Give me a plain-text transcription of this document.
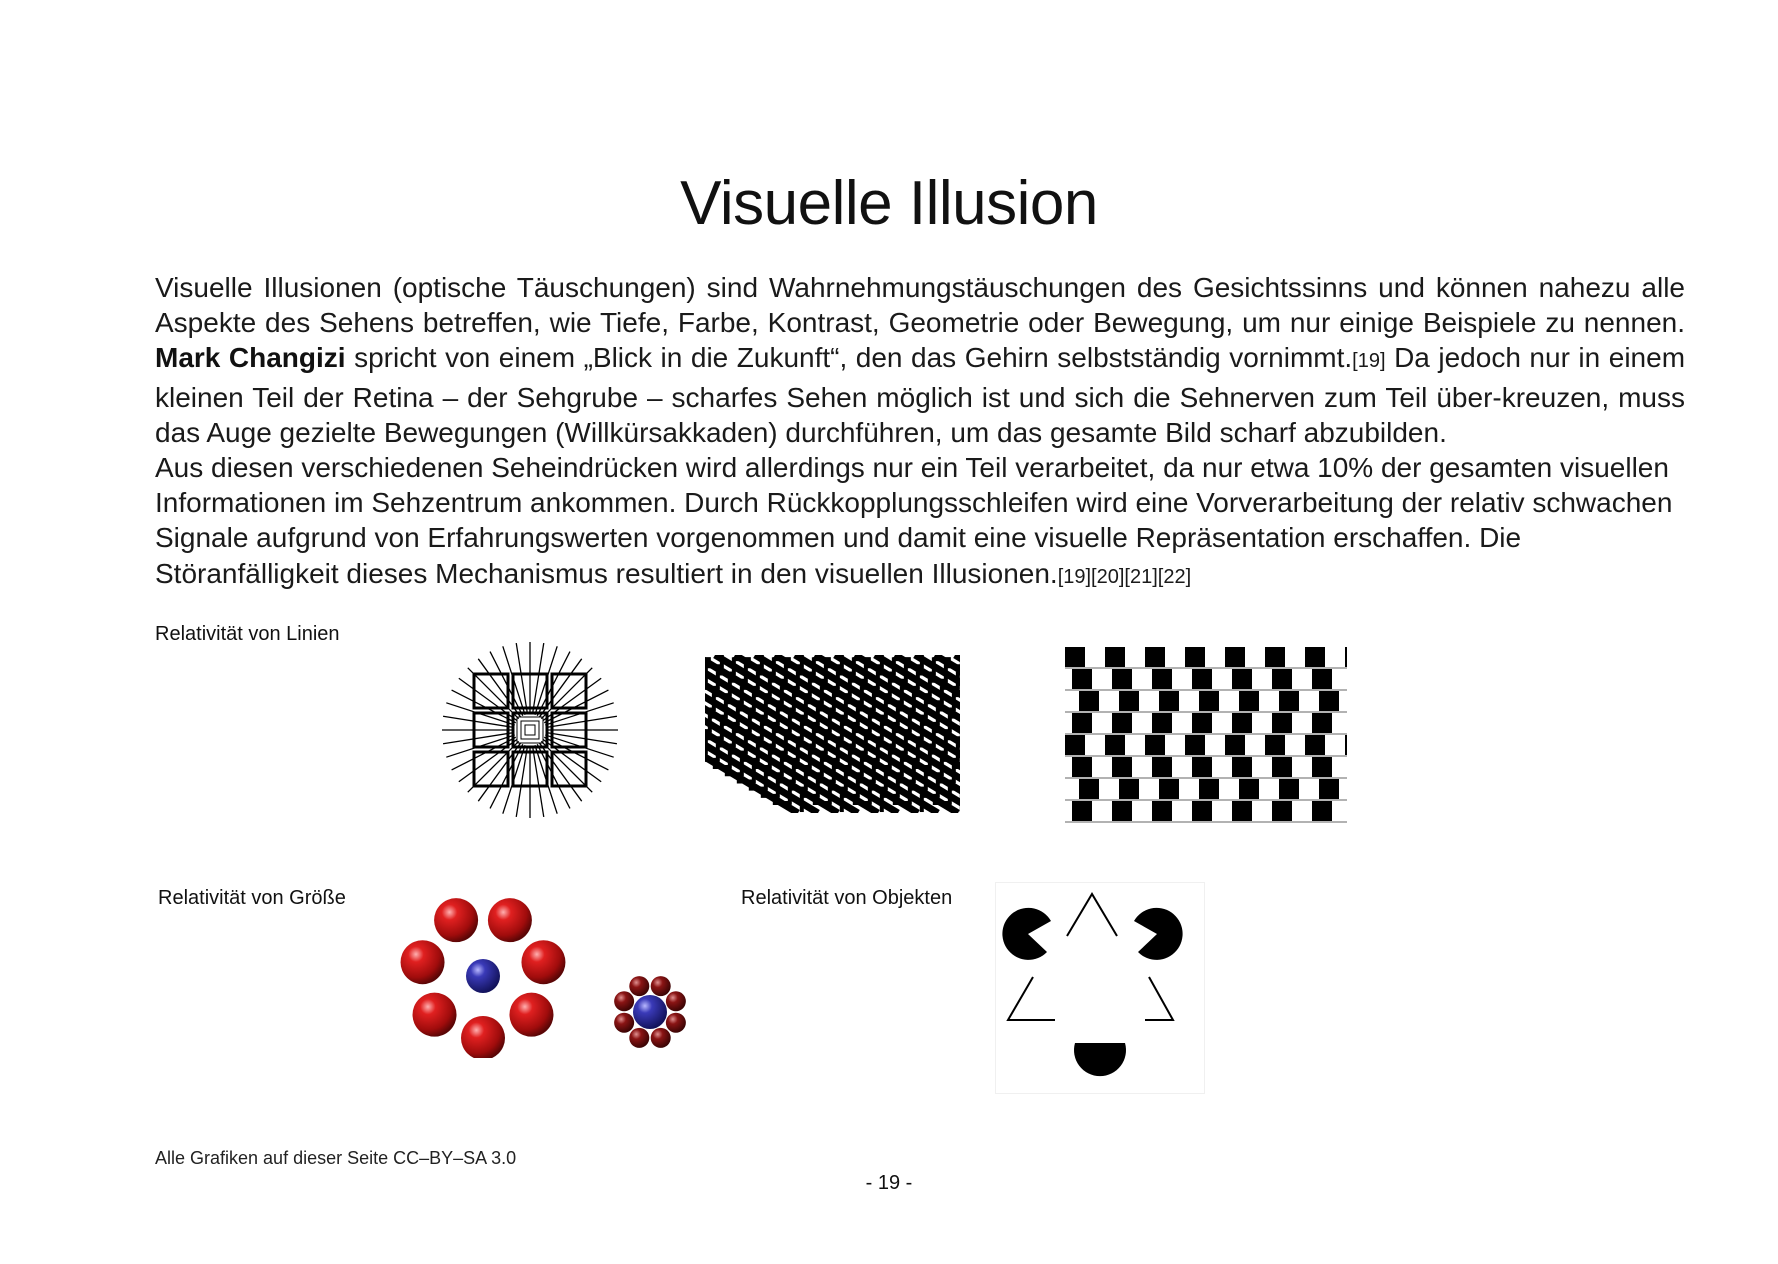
Visuelle Illusion

Visuelle Illusionen (optische Täuschungen) sind Wahrnehmungstäuschungen des Gesichtssinns und können nahezu alle Aspekte des Sehens betreffen, wie Tiefe, Farbe, Kontrast, Geometrie oder Bewegung, um nur einige Beispiele zu nennen. Mark Changizi spricht von einem „Blick in die Zukunft“, den das Gehirn selbstständig vornimmt.[19] Da jedoch nur in einem kleinen Teil der Retina – der Sehgrube – scharfes Sehen möglich ist und sich die Sehnerven zum Teil über-kreuzen, muss das Auge gezielte Bewegungen (Willkürsakkaden) durchführen, um das gesamte Bild scharf abzubilden.

Aus diesen verschiedenen Seheindrücken wird allerdings nur ein Teil verarbeitet, da nur etwa 10% der gesamten visuellen Informationen im Sehzentrum ankommen. Durch Rückkopplungsschleifen wird eine Vorverarbeitung der relativ schwachen Signale aufgrund von Erfahrungswerten vorgenommen und damit eine visuelle Repräsentation erschaffen. Die Störanfälligkeit dieses Mechanismus resultiert in den visuellen Illusionen.[19][20][21][22]

Relativität von Linien
Relativität von Größe	Relativität von Objekten
Alle Grafiken auf dieser Seite CC–BY–SA 3.0
- 19 -
